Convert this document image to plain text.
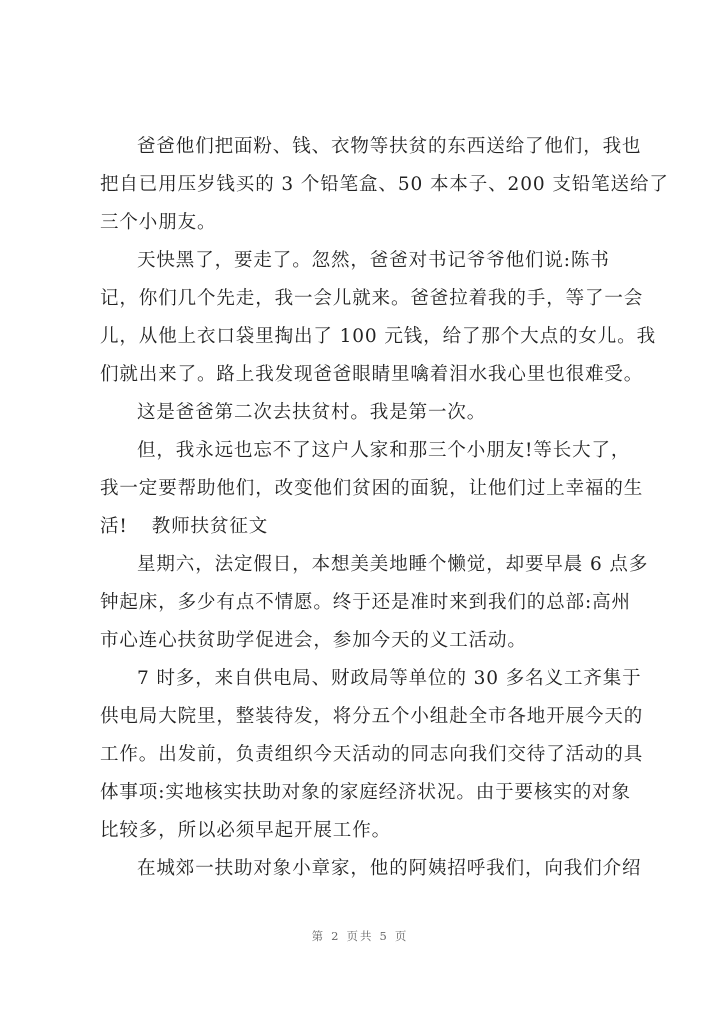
爸爸他们把面粉、钱、衣物等扶贫的东西送给了他们，我也
把自已用压岁钱买的 3 个铅笔盒、50 本本子、200 支铅笔送给了
三个小朋友。
天快黑了，要走了。忽然，爸爸对书记爷爷他们说:陈书
记，你们几个先走，我一会儿就来。爸爸拉着我的手，等了一会
儿，从他上衣口袋里掏出了 100 元钱，给了那个大点的女儿。我
们就出来了。路上我发现爸爸眼睛里噙着泪水我心里也很难受。
这是爸爸第二次去扶贫村。我是第一次。
但，我永远也忘不了这户人家和那三个小朋友!等长大了，
我一定要帮助他们，改变他们贫困的面貌，让他们过上幸福的生
活! 教师扶贫征文
星期六，法定假日，本想美美地睡个懒觉，却要早晨 6 点多
钟起床，多少有点不情愿。终于还是准时来到我们的总部:高州
市心连心扶贫助学促进会，参加今天的义工活动。
7 时多，来自供电局、财政局等单位的 30 多名义工齐集于
供电局大院里，整装待发，将分五个小组赴全市各地开展今天的
工作。出发前，负责组织今天活动的同志向我们交待了活动的具
体事项:实地核实扶助对象的家庭经济状况。由于要核实的对象
比较多，所以必须早起开展工作。
在城郊一扶助对象小章家，他的阿姨招呼我们，向我们介绍
第 2 页共 5 页
